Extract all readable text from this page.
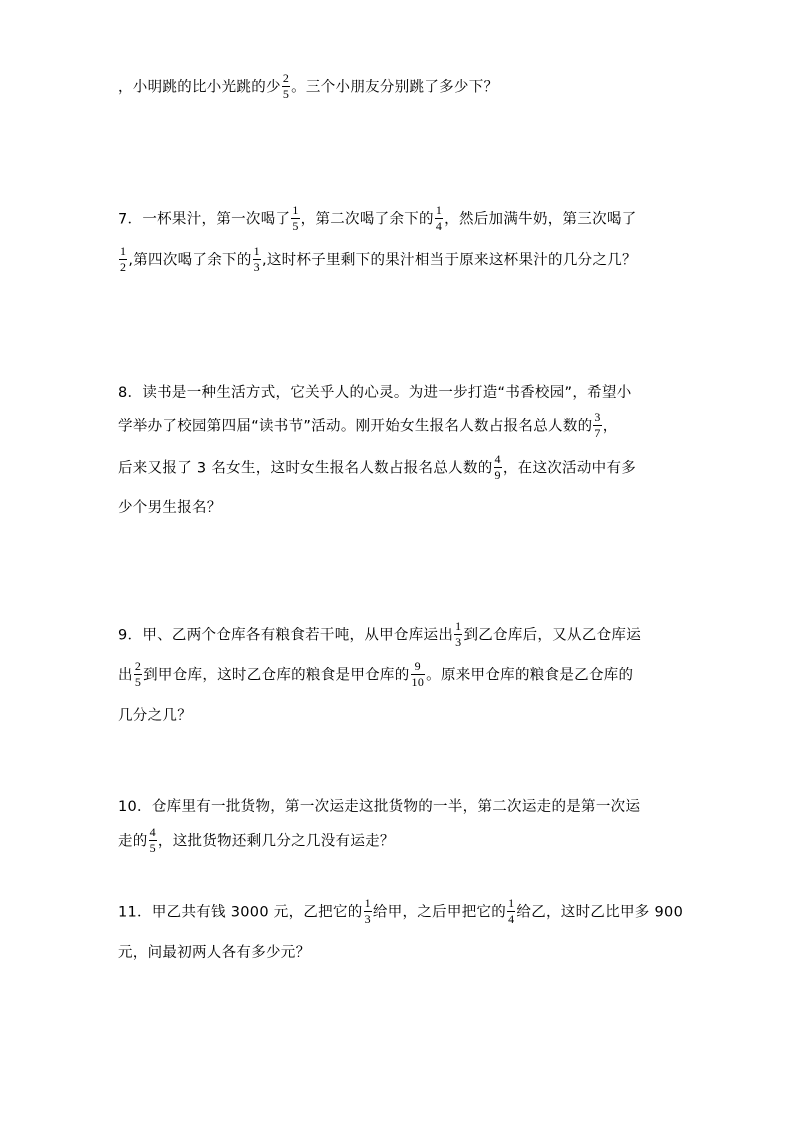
，小明跳的比小光跳的少 $\frac{2}{5}$ 。三个小朋友分别跳了多少下？
7．一杯果汁，第一次喝了 $\frac{1}{5}$ ，第二次喝了余下的 $\frac{1}{4}$ ，然后加满牛奶，第三次喝了
$\frac{1}{2}$ ,第四次喝了余下的 $\frac{1}{3}$ ,这时杯子里剩下的果汁相当于原来这杯果汁的几分之几？
8．读书是一种生活方式，它关乎人的心灵。为进一步打造“书香校园”，希望小
学举办了校园第四届“读书节”活动。刚开始女生报名人数占报名总人数的 $\frac{3}{7}$ ，
后来又报了 3 名女生，这时女生报名人数占报名总人数的 $\frac{4}{9}$ ，在这次活动中有多
少个男生报名？
9．甲、乙两个仓库各有粮食若干吨，从甲仓库运出 $\frac{1}{3}$ 到乙仓库后，又从乙仓库运
出 $\frac{2}{5}$ 到甲仓库，这时乙仓库的粮食是甲仓库的 $\frac{9}{10}$ 。原来甲仓库的粮食是乙仓库的
几分之几？
10．仓库里有一批货物，第一次运走这批货物的一半，第二次运走的是第一次运
走的 $\frac{4}{5}$ ，这批货物还剩几分之几没有运走？
11．甲乙共有钱 3000 元，乙把它的 $\frac{1}{3}$ 给甲，之后甲把它的 $\frac{1}{4}$ 给乙，这时乙比甲多 900
元，问最初两人各有多少元？
